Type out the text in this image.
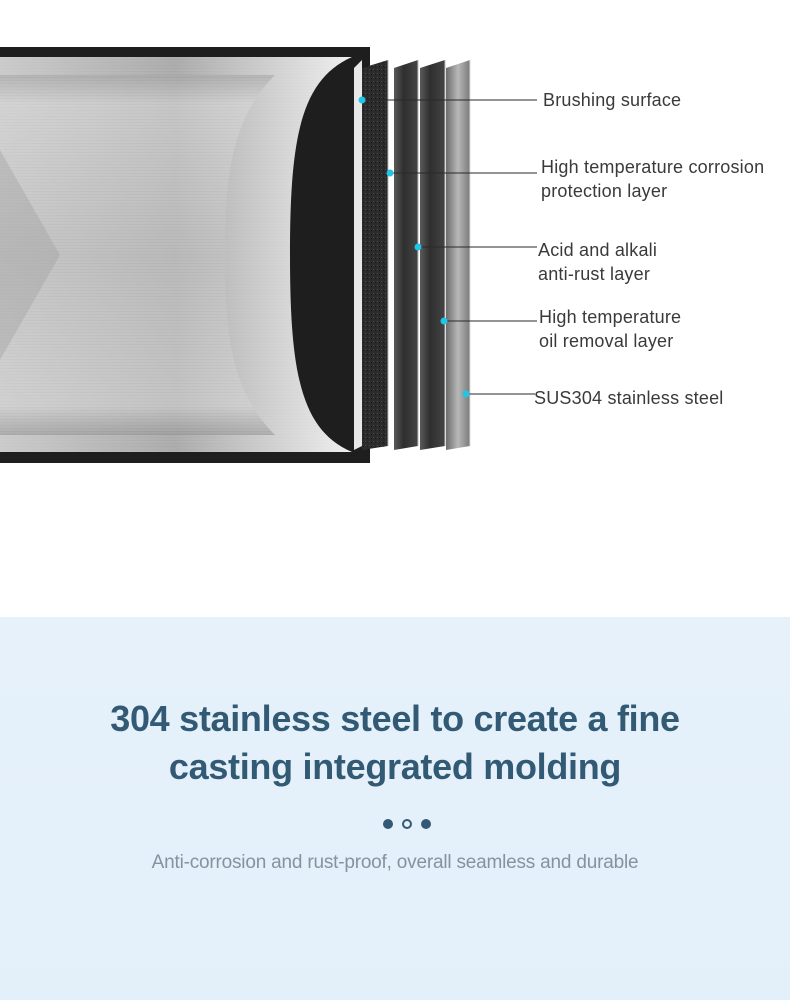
Brushing surface
High temperature corrosion
protection layer
Acid and alkali
anti-rust layer
High temperature
oil removal layer
SUS304 stainless steel
304 stainless steel to create a fine
casting integrated molding
Anti-corrosion and rust-proof, overall seamless and durable
